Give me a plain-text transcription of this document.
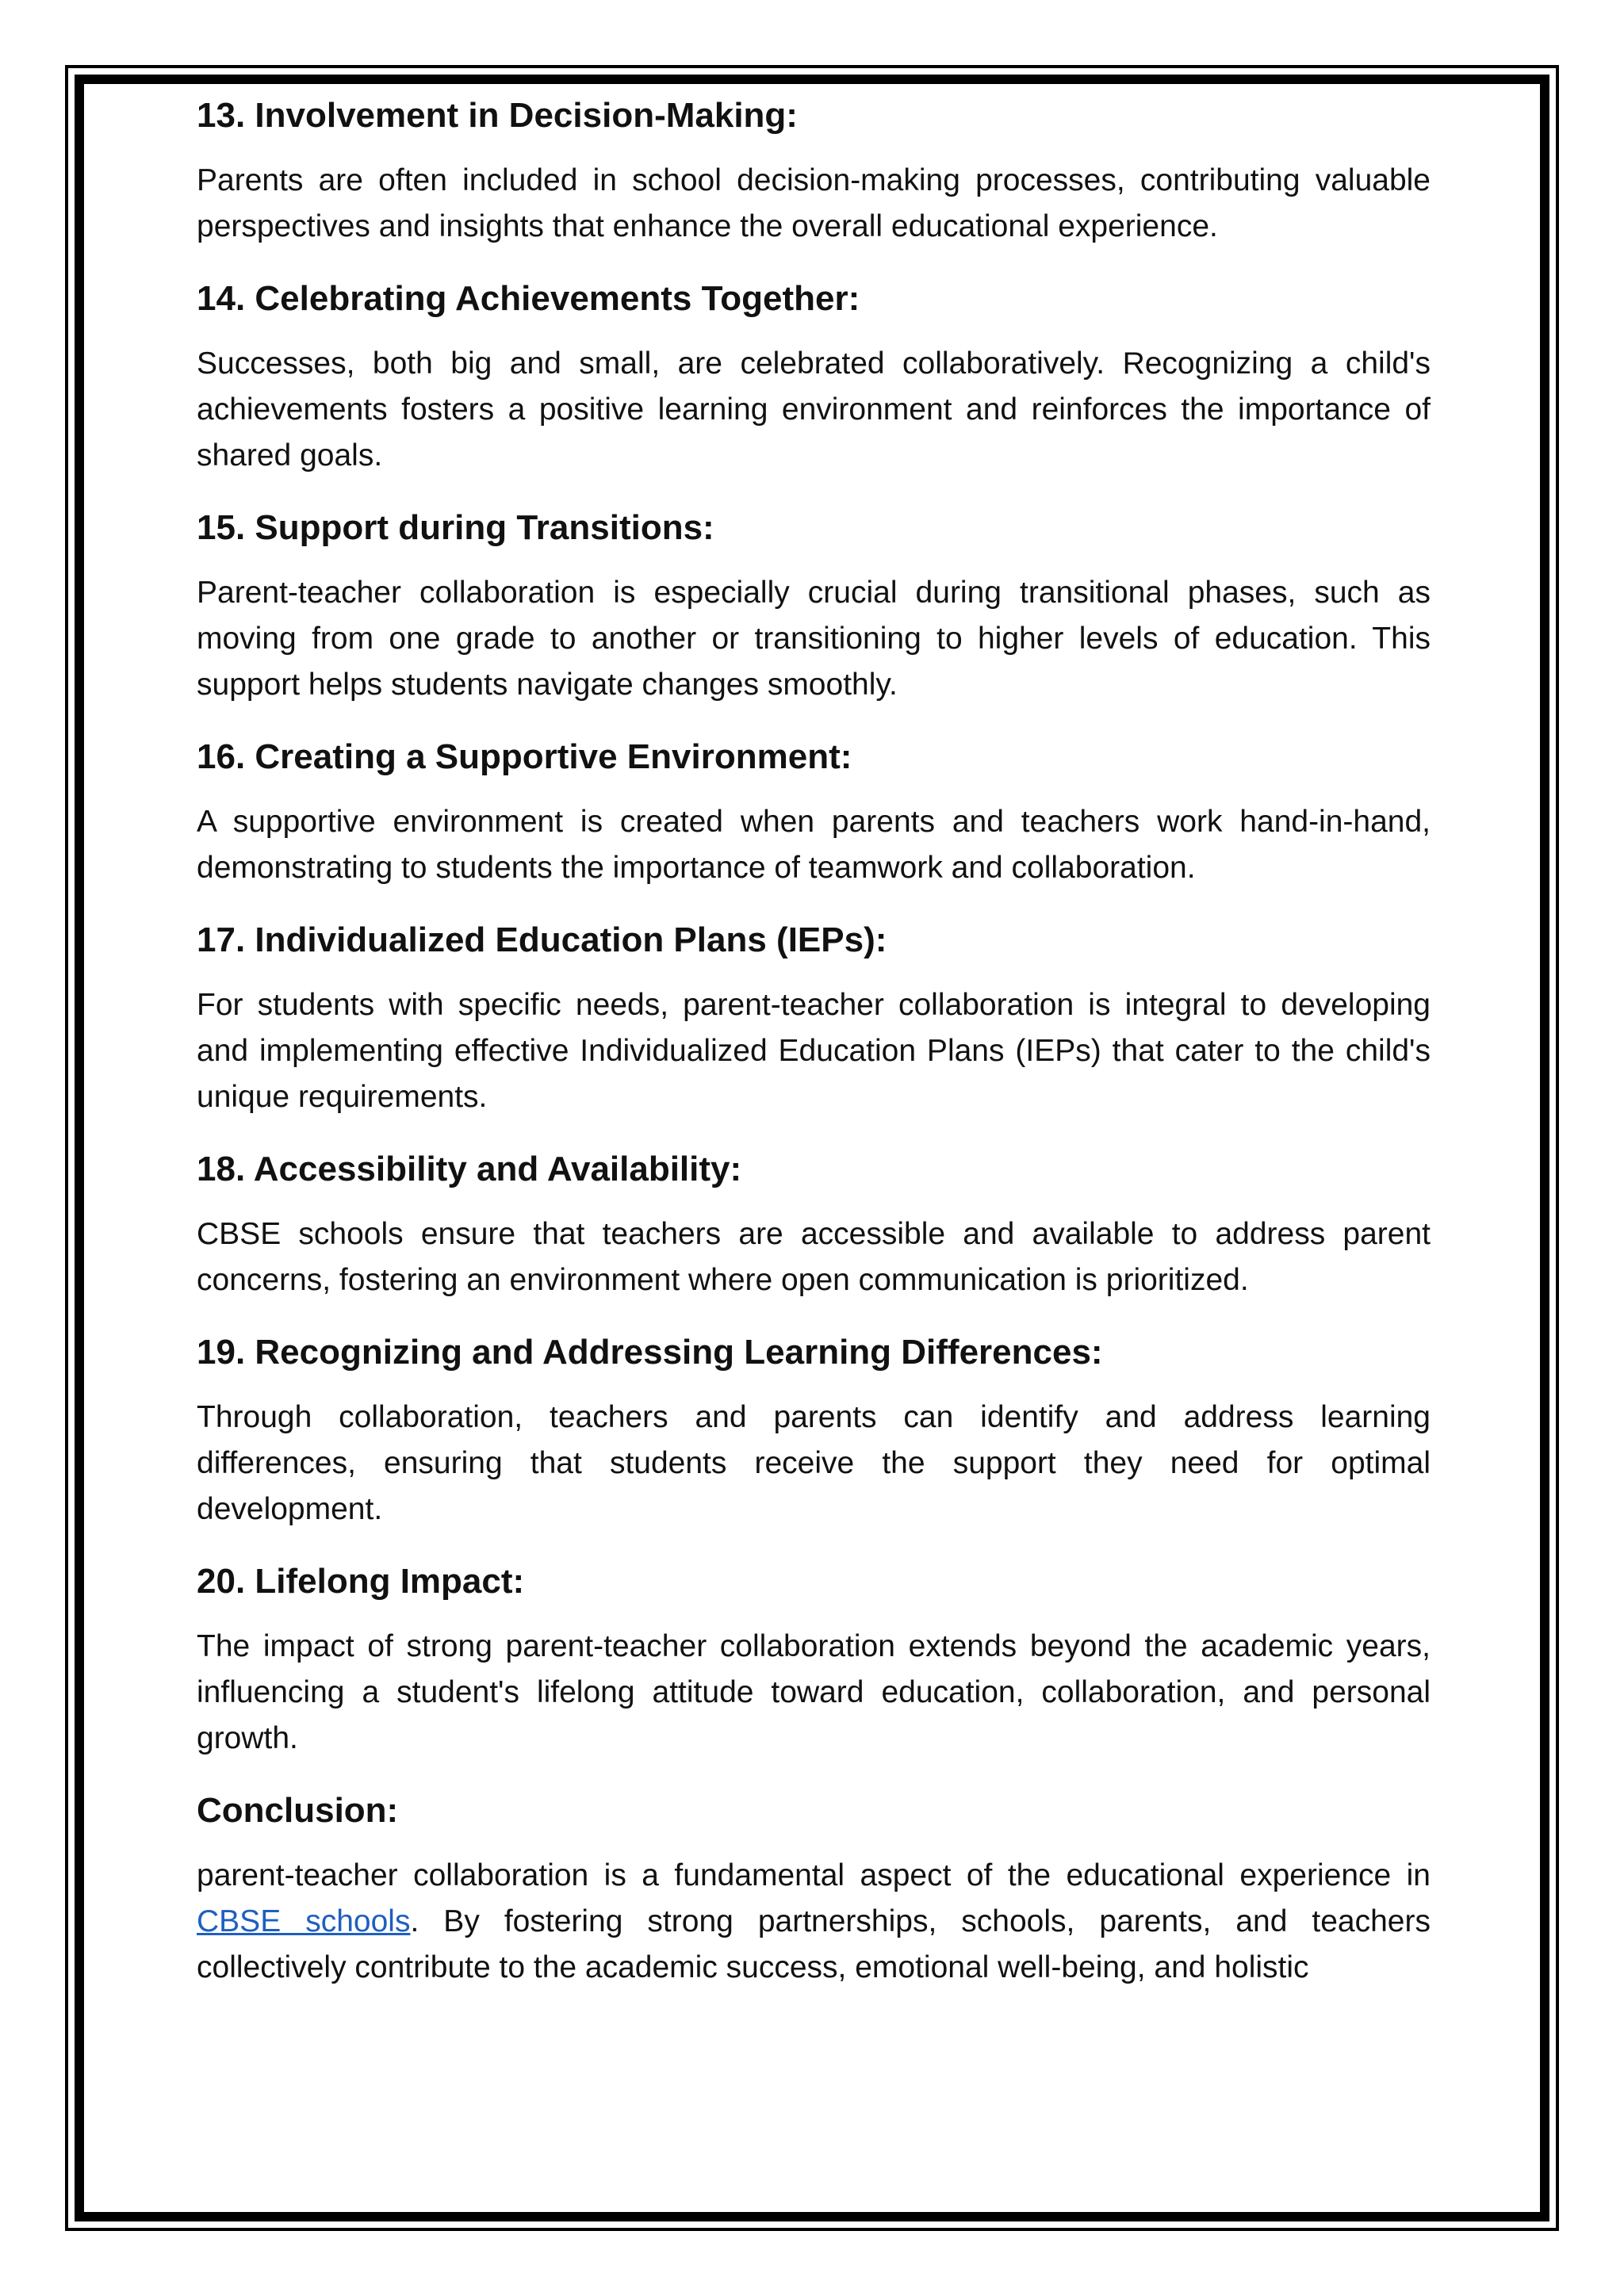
13. Involvement in Decision-Making:

Parents are often included in school decision-making processes, contributing valuable perspectives and insights that enhance the overall educational experience.

14. Celebrating Achievements Together:

Successes, both big and small, are celebrated collaboratively. Recognizing a child's achievements fosters a positive learning environment and reinforces the importance of shared goals.

15. Support during Transitions:

Parent-teacher collaboration is especially crucial during transitional phases, such as moving from one grade to another or transitioning to higher levels of education. This support helps students navigate changes smoothly.

16. Creating a Supportive Environment:

A supportive environment is created when parents and teachers work hand-in-hand, demonstrating to students the importance of teamwork and collaboration.

17. Individualized Education Plans (IEPs):

For students with specific needs, parent-teacher collaboration is integral to developing and implementing effective Individualized Education Plans (IEPs) that cater to the child's unique requirements.

18. Accessibility and Availability:

CBSE schools ensure that teachers are accessible and available to address parent concerns, fostering an environment where open communication is prioritized.

19. Recognizing and Addressing Learning Differences:

Through collaboration, teachers and parents can identify and address learning differences, ensuring that students receive the support they need for optimal development.

20. Lifelong Impact:

The impact of strong parent-teacher collaboration extends beyond the academic years, influencing a student's lifelong attitude toward education, collaboration, and personal growth.

Conclusion:

parent-teacher collaboration is a fundamental aspect of the educational experience in CBSE schools. By fostering strong partnerships, schools, parents, and teachers collectively contribute to the academic success, emotional well-being, and holistic
